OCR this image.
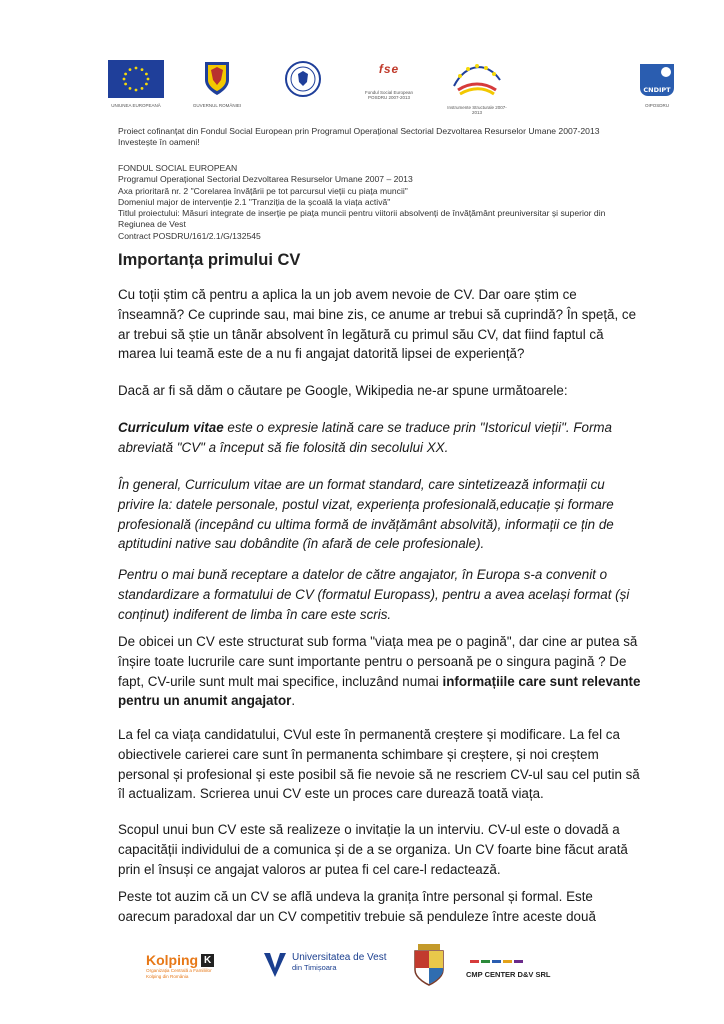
UNIUNEA EUROPEANĂ	GUVERNUL ROMÂNIEI
fse
Fondul Social European POSDRU 2007-2013
Instrumente Structurale 2007-2013
CNDIPT
OIPOSDRU
Proiect cofinanțat din Fondul Social European prin Programul Operațional Sectorial Dezvoltarea Resurselor Umane 2007-2013
Investește în oameni!
FONDUL SOCIAL EUROPEAN
Programul Operațional Sectorial Dezvoltarea Resurselor Umane 2007 – 2013
Axa prioritară nr. 2 "Corelarea învățării pe tot parcursul vieții cu piața muncii"
Domeniul major de intervenție 2.1 "Tranziția de la școală la viața activă"
Titlul proiectului: Măsuri integrate de inserție pe piața muncii pentru viitorii absolvenți de învățământ preuniversitar și superior din
Regiunea de Vest
Contract POSDRU/161/2.1/G/132545
Importanța primului CV
Cu toții știm că pentru a aplica la un job avem nevoie de CV. Dar oare știm ce
înseamnă? Ce cuprinde sau, mai bine zis, ce anume ar trebui să cuprindă? În speță, ce
ar trebui să știe un tânăr absolvent în legătură cu primul său CV, dat fiind faptul că
marea lui teamă este de a nu fi angajat datorită lipsei de experiență?
Dacă ar fi să dăm o căutare pe Google, Wikipedia ne-ar spune următoarele:
Curriculum vitae este o expresie latină care se traduce prin "Istoricul vieții". Forma
abreviată "CV" a început să fie folosită din secolului XX.
În general, Curriculum vitae are un format standard, care sintetizează informații cu
privire la: datele personale, postul vizat, experiența profesională,educație și formare
profesională (incepând cu ultima formă de invățământ absolvită), informații ce țin de
aptitudini native sau dobândite (în afară de cele profesionale).
Pentru o mai bună receptare a datelor de către angajator, în Europa s-a convenit o
standardizare a formatului de CV (formatul Europass), pentru a avea același format (și
conținut) indiferent de limba în care este scris.
De obicei un CV este structurat sub forma "viața mea pe o pagină", dar cine ar putea să
înșire toate lucrurile care sunt importante pentru o persoană pe o singura pagină ? De
fapt, CV-urile sunt mult mai specifice, incluzând numai informațiile care sunt relevante
pentru un anumit angajator.
La fel ca viața candidatului, CVul este în permanentă creștere și modificare. La fel ca
obiectivele carierei care sunt în permanenta schimbare și creștere, și noi creștem
personal și profesional și este posibil să fie nevoie să ne rescriem CV-ul sau cel putin să
îl actualizam. Scrierea unui CV este un proces care durează toată viața.
Scopul unui bun CV este să realizeze o invitație la un interviu. CV-ul este o dovadă a
capacității individului de a comunica și de a se organiza. Un CV foarte bine făcut arată
prin el însuși ce angajat valoros ar putea fi cel care-l redactează.
Peste tot auzim că un CV se află undeva la granița între personal și formal. Este
oarecum paradoxal dar un CV competitiv trebuie să penduleze între aceste două
Kolping K
Organizația Centrală a Familiilor Kolping din România
Universitatea de Vest
din Timișoara
CMP CENTER D&V SRL
